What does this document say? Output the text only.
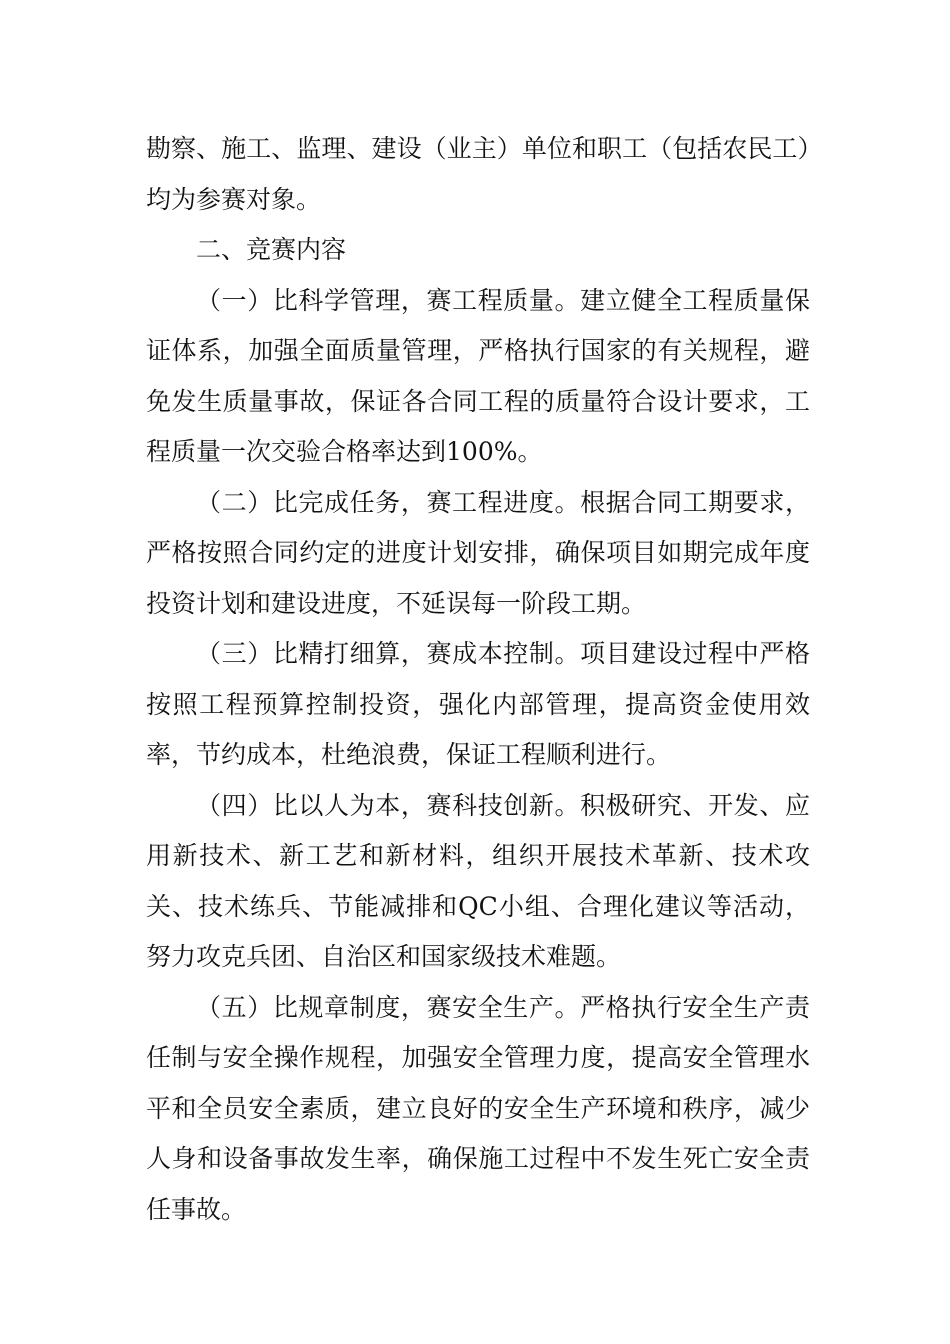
勘察、施工、监理、建设（业主）单位和职工（包括农民工）均为参赛对象。

二、竞赛内容

（一）比科学管理，赛工程质量。建立健全工程质量保证体系，加强全面质量管理，严格执行国家的有关规程，避免发生质量事故，保证各合同工程的质量符合设计要求，工程质量一次交验合格率达到100%。

（二）比完成任务，赛工程进度。根据合同工期要求，严格按照合同约定的进度计划安排，确保项目如期完成年度投资计划和建设进度，不延误每一阶段工期。

（三）比精打细算，赛成本控制。项目建设过程中严格按照工程预算控制投资，强化内部管理，提高资金使用效率，节约成本，杜绝浪费，保证工程顺利进行。

（四）比以人为本，赛科技创新。积极研究、开发、应用新技术、新工艺和新材料，组织开展技术革新、技术攻关、技术练兵、节能减排和QC小组、合理化建议等活动，努力攻克兵团、自治区和国家级技术难题。

（五）比规章制度，赛安全生产。严格执行安全生产责任制与安全操作规程，加强安全管理力度，提高安全管理水平和全员安全素质，建立良好的安全生产环境和秩序，减少人身和设备事故发生率，确保施工过程中不发生死亡安全责任事故。
